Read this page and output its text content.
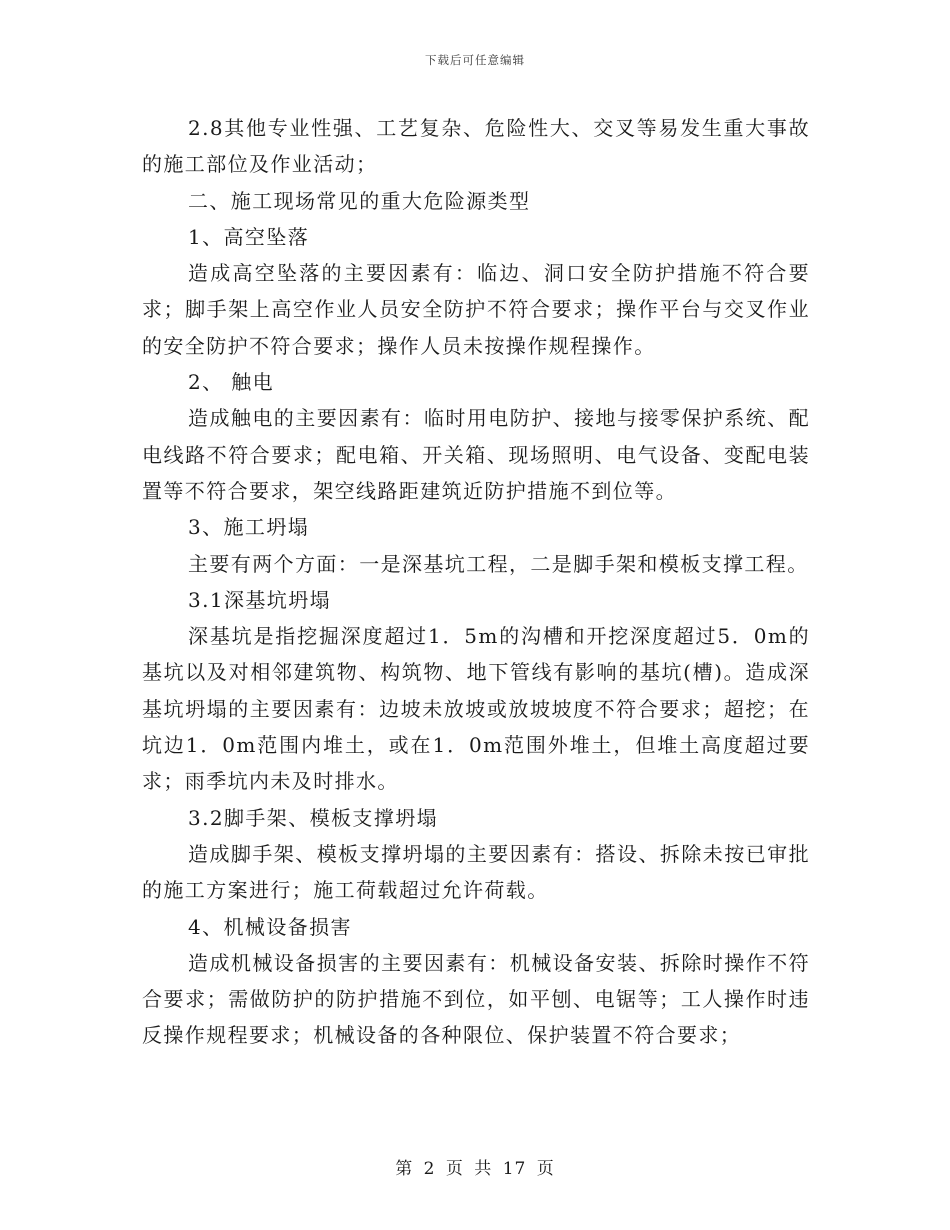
下载后可任意编辑

2.8其他专业性强、工艺复杂、危险性大、交叉等易发生重大事故的施工部位及作业活动；

二、施工现场常见的重大危险源类型

1、高空坠落

造成高空坠落的主要因素有：临边、洞口安全防护措施不符合要求；脚手架上高空作业人员安全防护不符合要求；操作平台与交叉作业的安全防护不符合要求；操作人员未按操作规程操作。

2、 触电

造成触电的主要因素有：临时用电防护、接地与接零保护系统、配电线路不符合要求；配电箱、开关箱、现场照明、电气设备、变配电装置等不符合要求，架空线路距建筑近防护措施不到位等。

3、施工坍塌

主要有两个方面：一是深基坑工程，二是脚手架和模板支撑工程。

3.1深基坑坍塌

深基坑是指挖掘深度超过1．5m的沟槽和开挖深度超过5．0m的基坑以及对相邻建筑物、构筑物、地下管线有影响的基坑(槽)。造成深基坑坍塌的主要因素有：边坡未放坡或放坡坡度不符合要求；超挖；在坑边1．0m范围内堆土，或在1．0m范围外堆土，但堆土高度超过要求；雨季坑内未及时排水。

3.2脚手架、模板支撑坍塌

造成脚手架、模板支撑坍塌的主要因素有：搭设、拆除未按已审批的施工方案进行；施工荷载超过允许荷载。

4、机械设备损害

造成机械设备损害的主要因素有：机械设备安装、拆除时操作不符合要求；需做防护的防护措施不到位，如平刨、电锯等；工人操作时违反操作规程要求；机械设备的各种限位、保护装置不符合要求；

第 2 页 共 17 页
